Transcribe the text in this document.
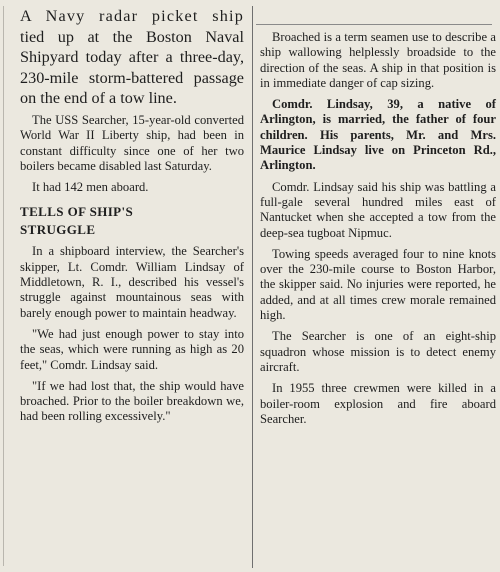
A Navy radar picket ship tied up at the Boston Naval Shipyard today after a three-day, 230-mile storm-battered passage on the end of a tow line.

The USS Searcher, 15-year-old converted World War II Liberty ship, had been in constant difficulty since one of her two boilers became disabled last Saturday.

It had 142 men aboard.

TELLS OF SHIP'S
STRUGGLE

In a shipboard interview, the Searcher's skipper, Lt. Comdr. William Lindsay of Middletown, R. I., described his vessel's struggle against mountainous seas with barely enough power to maintain headway.

"We had just enough power to stay into the seas, which were running as high as 20 feet," Comdr. Lindsay said.

"If we had lost that, the ship would have broached. Prior to the boiler breakdown we, had been rolling excessively."

Broached is a term seamen use to describe a ship wallowing helplessly broadside to the direction of the seas. A ship in that position is in immediate danger of cap sizing.

Comdr. Lindsay, 39, a native of Arlington, is married, the father of four children. His parents, Mr. and Mrs. Maurice Lindsay live on Princeton Rd., Arlington.

Comdr. Lindsay said his ship was battling a full-gale several hundred miles east of Nantucket when she accepted a tow from the deep-sea tugboat Nipmuc.

Towing speeds averaged four to nine knots over the 230-mile course to Boston Harbor, the skipper said. No injuries were reported, he added, and at all times crew morale remained high.

The Searcher is one of an eight-ship squadron whose mission is to detect enemy aircraft.

In 1955 three crewmen were killed in a boiler-room explosion and fire aboard Searcher.
